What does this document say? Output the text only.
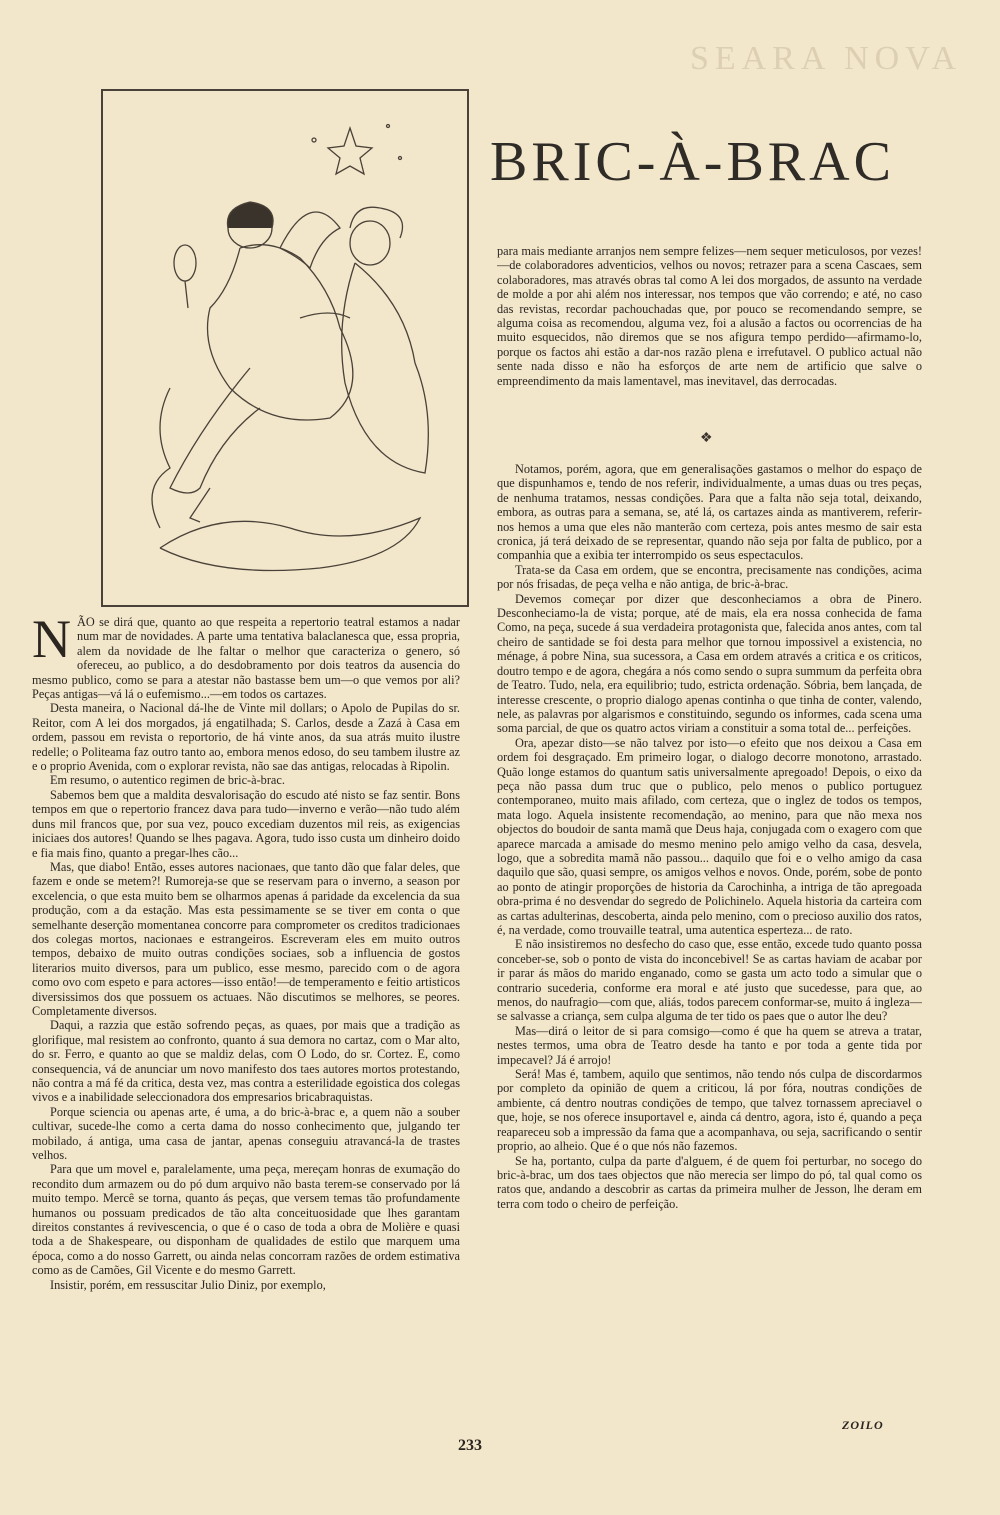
SEARA NOVA
BRIC-À-BRAC

para mais mediante arranjos nem sempre felizes—nem sequer meticulosos, por vezes!—de colaboradores adventicios, velhos ou novos; retrazer para a scena Cascaes, sem colaboradores, mas através obras tal como A lei dos morgados, de assunto na verdade de molde a por ahi além nos interessar, nos tempos que vão correndo; e até, no caso das revistas, recordar pachouchadas que, por pouco se recomendando sempre, se alguma coisa as recomendou, alguma vez, foi a alusão a factos ou ocorrencias de ha muito esquecidos, não diremos que se nos afigura tempo perdido—afirmamo-lo, porque os factos ahi estão a dar-nos razão plena e irrefutavel. O publico actual não sente nada disso e não ha esforços de arte nem de artificio que salve o empreendimento da mais lamentavel, mas inevitavel, das derrocadas.

❖

Notamos, porém, agora, que em generalisações gastamos o melhor do espaço de que dispunhamos e, tendo de nos referir, individualmente, a umas duas ou tres peças, de nenhuma tratamos, nessas condições. Para que a falta não seja total, deixando, embora, as outras para a semana, se, até lá, os cartazes ainda as mantiverem, referir-nos hemos a uma que eles não manterão com certeza, pois antes mesmo de sair esta cronica, já terá deixado de se representar, quando não seja por falta de publico, por a companhia que a exibia ter interrompido os seus espectaculos.

Trata-se da Casa em ordem, que se encontra, precisamente nas condições, acima por nós frisadas, de peça velha e não antiga, de bric-à-brac.

Devemos começar por dizer que desconheciamos a obra de Pinero. Desconheciamo-la de vista; porque, até de mais, ela era nossa conhecida de fama Como, na peça, sucede á sua verdadeira protagonista que, falecida anos antes, com tal cheiro de santidade se foi desta para melhor que tornou impossivel a existencia, no ménage, á pobre Nina, sua sucessora, a Casa em ordem através a critica e os criticos, doutro tempo e de agora, chegára a nós como sendo o supra summum da perfeita obra de Teatro. Tudo, nela, era equilibrio; tudo, estricta ordenação. Sóbria, bem lançada, de interesse crescente, o proprio dialogo apenas continha o que tinha de conter, valendo, nele, as palavras por algarismos e constituindo, segundo os informes, cada scena uma soma parcial, de que os quatro actos viriam a constituir a soma total de... perfeições.

Ora, apezar disto—se não talvez por isto—o efeito que nos deixou a Casa em ordem foi desgraçado. Em primeiro logar, o dialogo decorre monotono, arrastado. Quão longe estamos do quantum satis universalmente apregoado! Depois, o eixo da peça não passa dum truc que o publico, pelo menos o publico portuguez contemporaneo, muito mais afilado, com certeza, que o inglez de todos os tempos, mata logo. Aquela insistente recomendação, ao menino, para que não mexa nos objectos do boudoir de santa mamã que Deus haja, conjugada com o exagero com que aparece marcada a amisade do mesmo menino pelo amigo velho da casa, desvela, logo, que a sobredita mamã não passou... daquilo que foi e o velho amigo da casa daquilo que são, quasi sempre, os amigos velhos e novos. Onde, porém, sobe de ponto ao ponto de atingir proporções de historia da Carochinha, a intriga de tão apregoada obra-prima é no desvendar do segredo de Polichinelo. Aquela historia da carteira com as cartas adulterinas, descoberta, ainda pelo menino, com o precioso auxilio dos ratos, é, na verdade, como trouvaille teatral, uma autentica esperteza... de rato.

E não insistiremos no desfecho do caso que, esse então, excede tudo quanto possa conceber-se, sob o ponto de vista do inconcebivel! Se as cartas haviam de acabar por ir parar ás mãos do marido enganado, como se gasta um acto todo a simular que o contrario sucederia, conforme era moral e até justo que sucedesse, para que, ao menos, do naufragio—com que, aliás, todos parecem conformar-se, muito á ingleza—se salvasse a criança, sem culpa alguma de ter tido os paes que o autor lhe deu?

Mas—dirá o leitor de si para comsigo—como é que ha quem se atreva a tratar, nestes termos, uma obra de Teatro desde ha tanto e por toda a gente tida por impecavel? Já é arrojo!

Será! Mas é, tambem, aquilo que sentimos, não tendo nós culpa de discordarmos por completo da opinião de quem a criticou, lá por fóra, noutras condições de ambiente, cá dentro noutras condições de tempo, que talvez tornassem apreciavel o que, hoje, se nos oferece insuportavel e, ainda cá dentro, agora, isto é, quando a peça reapareceu sob a impressão da fama que a acompanhava, ou seja, sacrificando o sentir proprio, ao alheio. Que é o que nós não fazemos.

Se ha, portanto, culpa da parte d'alguem, é de quem foi perturbar, no socego do bric-à-brac, um dos taes objectos que não merecia ser limpo do pó, tal qual como os ratos que, andando a descobrir as cartas da primeira mulher de Jesson, lhe deram em terra com todo o cheiro de perfeição.

N ÃO se dirá que, quanto ao que respeita a repertorio teatral estamos a nadar num mar de novidades. A parte uma tentativa balaclanesca que, essa propria, alem da novidade de lhe faltar o melhor que caracteriza o genero, só ofereceu, ao publico, a do desdobramento por dois teatros da ausencia do mesmo publico, como se para a atestar não bastasse bem um—o que vemos por ali? Peças antigas—vá lá o eufemismo...—em todos os cartazes.

Desta maneira, o Nacional dá-lhe de Vinte mil dollars; o Apolo de Pupilas do sr. Reitor, com A lei dos morgados, já engatilhada; S. Carlos, desde a Zazá à Casa em ordem, passou em revista o reportorio, de há vinte anos, da sua atrás muito ilustre redelle; o Politeama faz outro tanto ao, embora menos edoso, do seu tambem ilustre az e o proprio Avenida, com o explorar revista, não sae das antigas, relocadas à Ripolin.

Em resumo, o autentico regimen de bric-à-brac.

Sabemos bem que a maldita desvalorisação do escudo até nisto se faz sentir. Bons tempos em que o repertorio francez dava para tudo—inverno e verão—não tudo além duns mil francos que, por sua vez, pouco excediam duzentos mil reis, as exigencias iniciaes dos autores! Quando se lhes pagava. Agora, tudo isso custa um dinheiro doido e fia mais fino, quanto a pregar-lhes cão...

Mas, que diabo! Então, esses autores nacionaes, que tanto dão que falar deles, que fazem e onde se metem?! Rumoreja-se que se reservam para o inverno, a season por excelencia, o que esta muito bem se olharmos apenas á paridade da excelencia da sua produção, com a da estação. Mas esta pessimamente se se tiver em conta o que semelhante deserção momentanea concorre para comprometer os creditos tradicionaes dos colegas mortos, nacionaes e estrangeiros. Escreveram eles em muito outros tempos, debaixo de muito outras condições sociaes, sob a influencia de gostos literarios muito diversos, para um publico, esse mesmo, parecido com o de agora como ovo com espeto e para actores—isso então!—de temperamento e feitio artisticos diversissimos dos que possuem os actuaes. Não discutimos se melhores, se peores. Completamente diversos.

Daqui, a razzia que estão sofrendo peças, as quaes, por mais que a tradição as glorifique, mal resistem ao confronto, quanto á sua demora no cartaz, com o Mar alto, do sr. Ferro, e quanto ao que se maldiz delas, com O Lodo, do sr. Cortez. E, como consequencia, vá de anunciar um novo manifesto dos taes autores mortos protestando, não contra a má fé da critica, desta vez, mas contra a esterilidade egoistica dos colegas vivos e a inabilidade seleccionadora dos empresarios bricabraquistas.

Porque sciencia ou apenas arte, é uma, a do bric-à-brac e, a quem não a souber cultivar, sucede-lhe como a certa dama do nosso conhecimento que, julgando ter mobilado, á antiga, uma casa de jantar, apenas conseguiu atravancá-la de trastes velhos.

Para que um movel e, paralelamente, uma peça, mereçam honras de exumação do recondito dum armazem ou do pó dum arquivo não basta terem-se conservado por lá muito tempo. Mercê se torna, quanto ás peças, que versem temas tão profundamente humanos ou possuam predicados de tão alta conceituosidade que lhes garantam direitos constantes á revivescencia, o que é o caso de toda a obra de Molière e quasi toda a de Shakespeare, ou disponham de qualidades de estilo que marquem uma época, como a do nosso Garrett, ou ainda nelas concorram razões de ordem estimativa como as de Camões, Gil Vicente e do mesmo Garrett.

Insistir, porém, em ressuscitar Julio Diniz, por exemplo,

ZOILO
233
